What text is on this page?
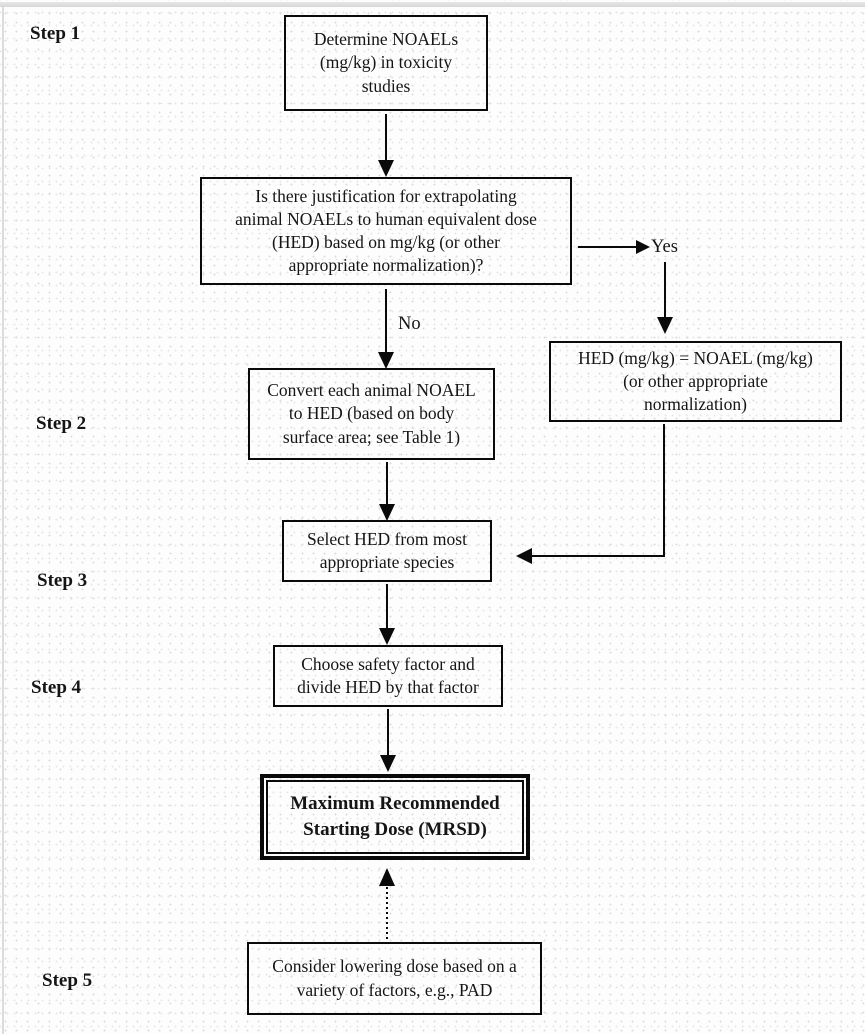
Step 1
Step 2
Step 3
Step 4
Step 5
Determine NOAELs
(mg/kg) in toxicity
studies
Is there justification for extrapolating
animal NOAELs to human equivalent dose
(HED) based on mg/kg (or other
appropriate normalization)?
Yes
No
HED (mg/kg) = NOAEL (mg/kg)
(or other appropriate
normalization)
Convert each animal NOAEL
to HED (based on body
surface area; see Table 1)
Select HED from most
appropriate species
Choose safety factor and
divide HED by that factor
Maximum Recommended
Starting Dose (MRSD)
Consider lowering dose based on a
variety of factors, e.g., PAD
